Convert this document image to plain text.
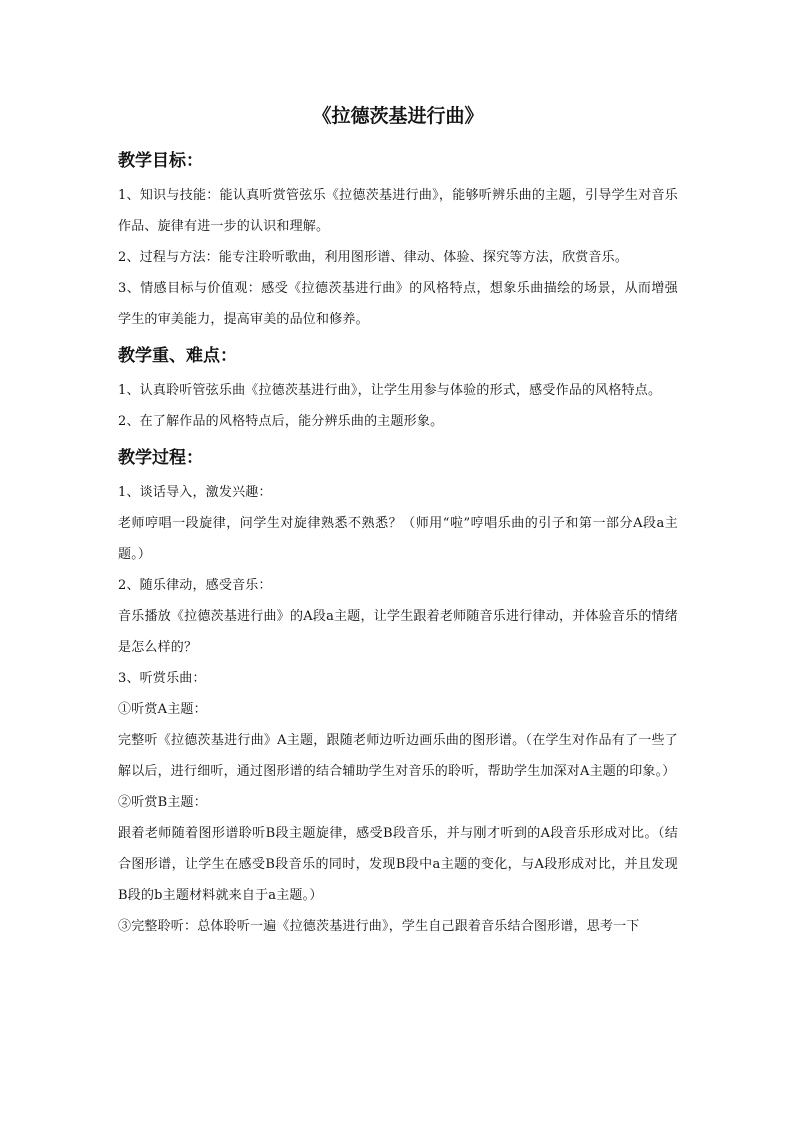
《拉德茨基进行曲》
教学目标：

1、知识与技能：能认真听赏管弦乐《拉德茨基进行曲》，能够听辨乐曲的主题，引导学生对音乐作品、旋律有进一步的认识和理解。

2、过程与方法：能专注聆听歌曲，利用图形谱、律动、体验、探究等方法，欣赏音乐。

3、情感目标与价值观：感受《拉德茨基进行曲》的风格特点，想象乐曲描绘的场景，从而增强学生的审美能力，提高审美的品位和修养。

教学重、难点：

1、认真聆听管弦乐曲《拉德茨基进行曲》，让学生用参与体验的形式，感受作品的风格特点。

2、在了解作品的风格特点后，能分辨乐曲的主题形象。

教学过程：

1、谈话导入，激发兴趣：

老师哼唱一段旋律，问学生对旋律熟悉不熟悉？（师用“啦”哼唱乐曲的引子和第一部分A段a主题。）

2、随乐律动，感受音乐：

音乐播放《拉德茨基进行曲》的A段a主题，让学生跟着老师随音乐进行律动，并体验音乐的情绪是怎么样的？

3、听赏乐曲：

①听赏A主题：

完整听《拉德茨基进行曲》A主题，跟随老师边听边画乐曲的图形谱。（在学生对作品有了一些了解以后，进行细听，通过图形谱的结合辅助学生对音乐的聆听，帮助学生加深对A主题的印象。）

②听赏B主题：

跟着老师随着图形谱聆听B段主题旋律，感受B段音乐，并与刚才听到的A段音乐形成对比。（结合图形谱，让学生在感受B段音乐的同时，发现B段中a主题的变化，与A段形成对比，并且发现B段的b主题材料就来自于a主题。）

③完整聆听：总体聆听一遍《拉德茨基进行曲》，学生自己跟着音乐结合图形谱，思考一下
